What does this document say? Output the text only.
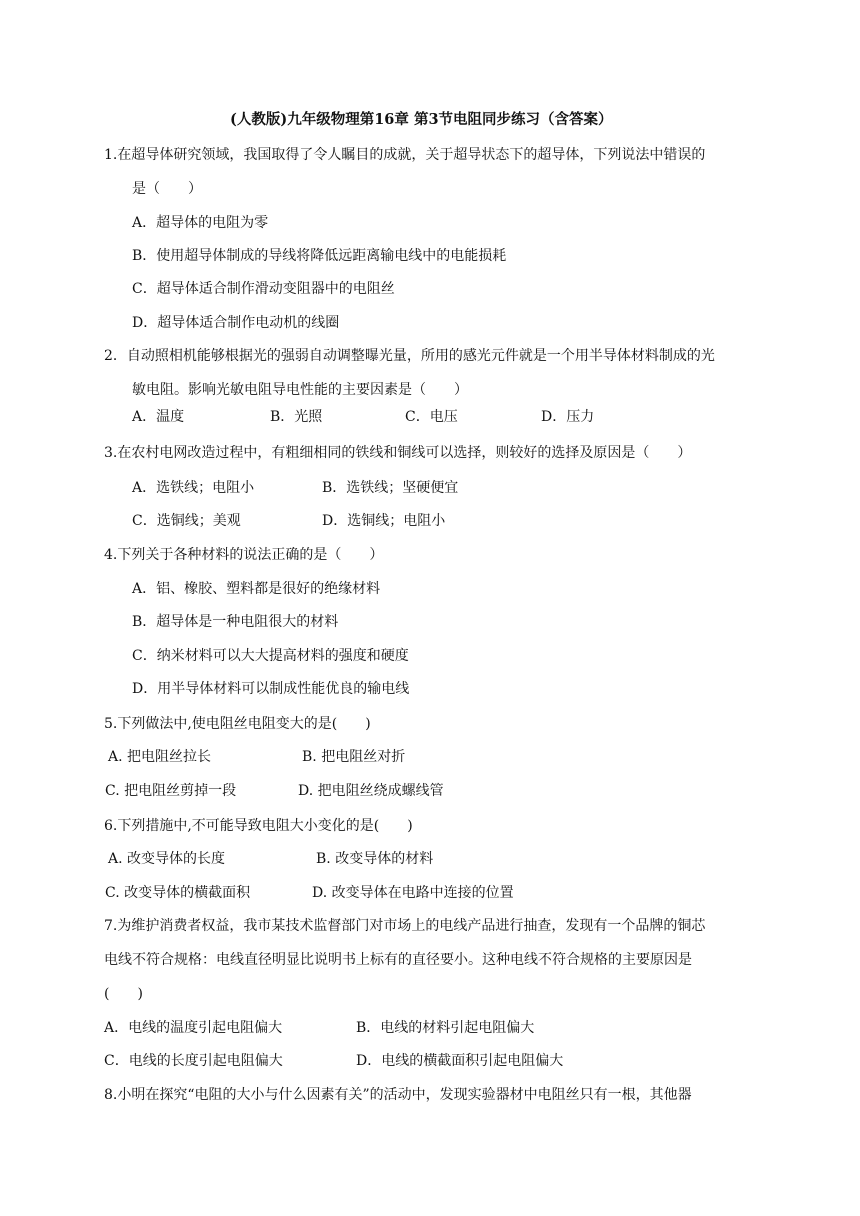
(人教版)九年级物理第16章 第3节电阻同步练习（含答案）
1.在超导体研究领域，我国取得了令人瞩目的成就，关于超导状态下的超导体，下列说法中错误的
是（　　）
A．超导体的电阻为零
B．使用超导体制成的导线将降低远距离输电线中的电能损耗
C．超导体适合制作滑动变阻器中的电阻丝
D．超导体适合制作电动机的线圈
2．自动照相机能够根据光的强弱自动调整曝光量，所用的感光元件就是一个用半导体材料制成的光
敏电阻。影响光敏电阻导电性能的主要因素是（　　）
A．温度	B．光照	C．电压	D．压力
3.在农村电网改造过程中，有粗细相同的铁线和铜线可以选择，则较好的选择及原因是（　　）
A．选铁线；电阻小	B．选铁线；坚硬便宜
C．选铜线；美观	D．选铜线；电阻小
4.下列关于各种材料的说法正确的是（　　）
A．铝、橡胶、塑料都是很好的绝缘材料
B．超导体是一种电阻很大的材料
C．纳米材料可以大大提高材料的强度和硬度
D．用半导体材料可以制成性能优良的输电线
5.下列做法中,使电阻丝电阻变大的是(　　)
A. 把电阻丝拉长	B. 把电阻丝对折
C. 把电阻丝剪掉一段	D. 把电阻丝绕成螺线管
6.下列措施中,不可能导致电阻大小变化的是(　　)
A. 改变导体的长度	B. 改变导体的材料
C. 改变导体的横截面积	D. 改变导体在电路中连接的位置
7.为维护消费者权益，我市某技术监督部门对市场上的电线产品进行抽查，发现有一个品牌的铜芯
电线不符合规格：电线直径明显比说明书上标有的直径要小。这种电线不符合规格的主要原因是
(　　)
A．电线的温度引起电阻偏大	B．电线的材料引起电阻偏大
C．电线的长度引起电阻偏大	D．电线的横截面积引起电阻偏大
8.小明在探究“电阻的大小与什么因素有关”的活动中，发现实验器材中电阻丝只有一根，其他器
